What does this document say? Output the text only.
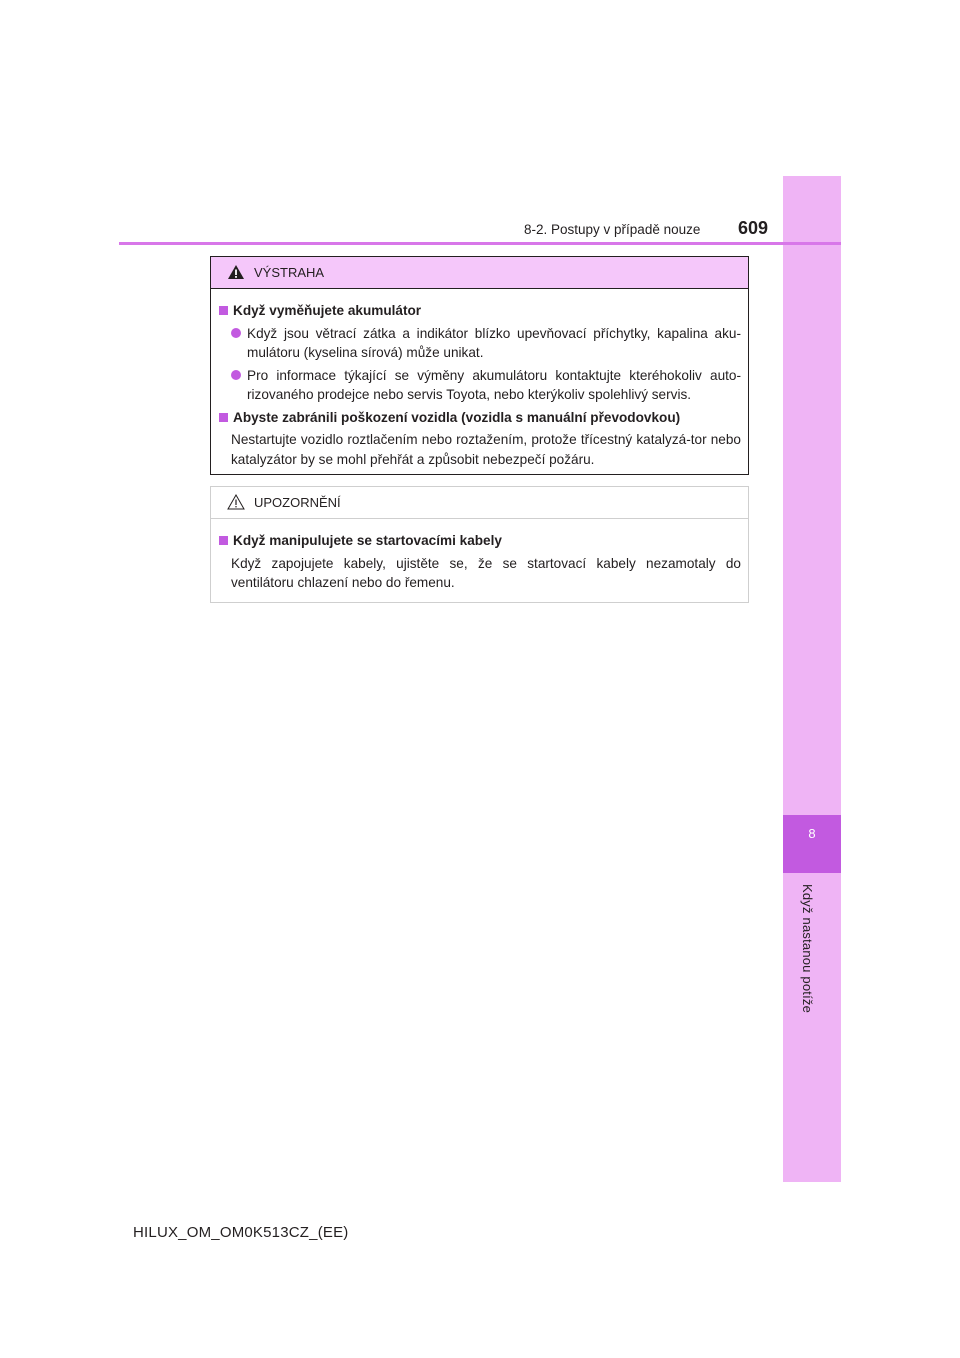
8
Když nastanou potíže
8-2. Postupy v případě nouze 609
VÝSTRAHA
Když vyměňujete akumulátor
Když jsou větrací zátka a indikátor blízko upevňovací příchytky, kapalina aku-mulátoru (kyselina sírová) může unikat.
Pro informace týkající se výměny akumulátoru kontaktujte kteréhokoliv auto-rizovaného prodejce nebo servis Toyota, nebo kterýkoliv spolehlivý servis.
Abyste zabránili poškození vozidla (vozidla s manuální převodovkou)
Nestartujte vozidlo roztlačením nebo roztažením, protože třícestný katalyzá-tor nebo katalyzátor by se mohl přehřát a způsobit nebezpečí požáru.
UPOZORNĚNÍ
Když manipulujete se startovacími kabely
Když zapojujete kabely, ujistěte se, že se startovací kabely nezamotaly do ventilátoru chlazení nebo do řemenu.
HILUX_OM_OM0K513CZ_(EE)
